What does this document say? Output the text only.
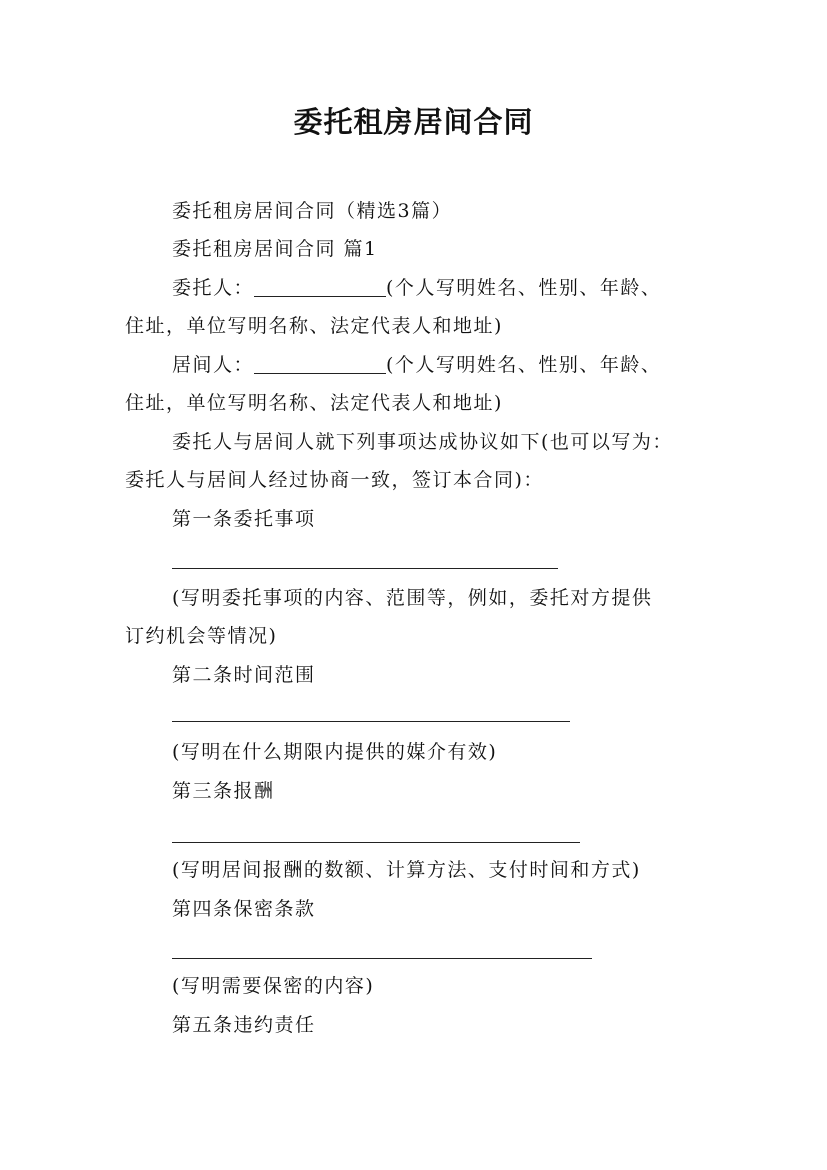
委托租房居间合同
委托租房居间合同（精选3篇）
委托租房居间合同 篇1
委托人：	(个人写明姓名、性别、年龄、
住址，单位写明名称、法定代表人和地址)
居间人：	(个人写明姓名、性别、年龄、
住址，单位写明名称、法定代表人和地址)
委托人与居间人就下列事项达成协议如下(也可以写为：
委托人与居间人经过协商一致，签订本合同)：
第一条委托事项
(写明委托事项的内容、范围等，例如，委托对方提供
订约机会等情况)
第二条时间范围
(写明在什么期限内提供的媒介有效)
第三条报酬
(写明居间报酬的数额、计算方法、支付时间和方式)
第四条保密条款
(写明需要保密的内容)
第五条违约责任
